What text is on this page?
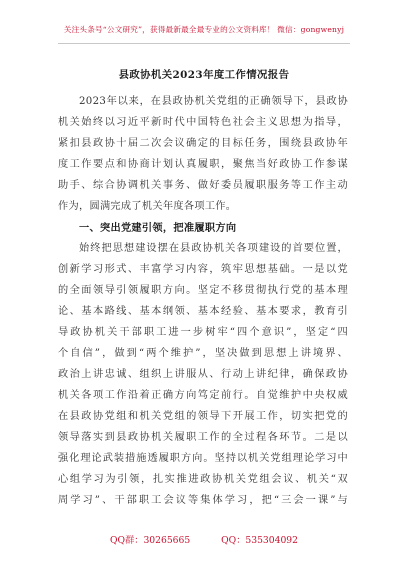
关注头条号“公文研究”，获得最新最全最专业的公文资料库！ 微信：gongwenyj
县政协机关2023年度工作情况报告
2023年以来，在县政协机关党组的正确领导下，县政协
机关始终以习近平新时代中国特色社会主义思想为指导，
紧扣县政协十届二次会议确定的目标任务，围绕县政协年
度工作要点和协商计划认真履职，聚焦当好政协工作参谋
助手、综合协调机关事务、做好委员履职服务等工作主动
作为，圆满完成了机关年度各项工作。
一、突出党建引领，把准履职方向
始终把思想建设摆在县政协机关各项建设的首要位置，
创新学习形式、丰富学习内容，筑牢思想基础。一是以党
的全面领导引领履职方向。坚定不移贯彻执行党的基本理
论、基本路线、基本纲领、基本经验、基本要求，教育引
导政协机关干部职工进一步树牢“四个意识”，坚定“四
个自信”，做到“两个维护”，坚决做到思想上讲境界、
政治上讲忠诚、组织上讲服从、行动上讲纪律，确保政协
机关各项工作沿着正确方向笃定前行。自觉维护中央权威
在县政协党组和机关党组的领导下开展工作，切实把党的
领导落实到县政协机关履职工作的全过程各环节。二是以
强化理论武装措施透履职方向。坚持以机关党组理论学习中
心组学习为引领，扎实推进政协机关党组会议、机关“双
周学习”、干部职工会议等集体学习，把“三会一课”与
QQ群：30265665	QQ：535304092
